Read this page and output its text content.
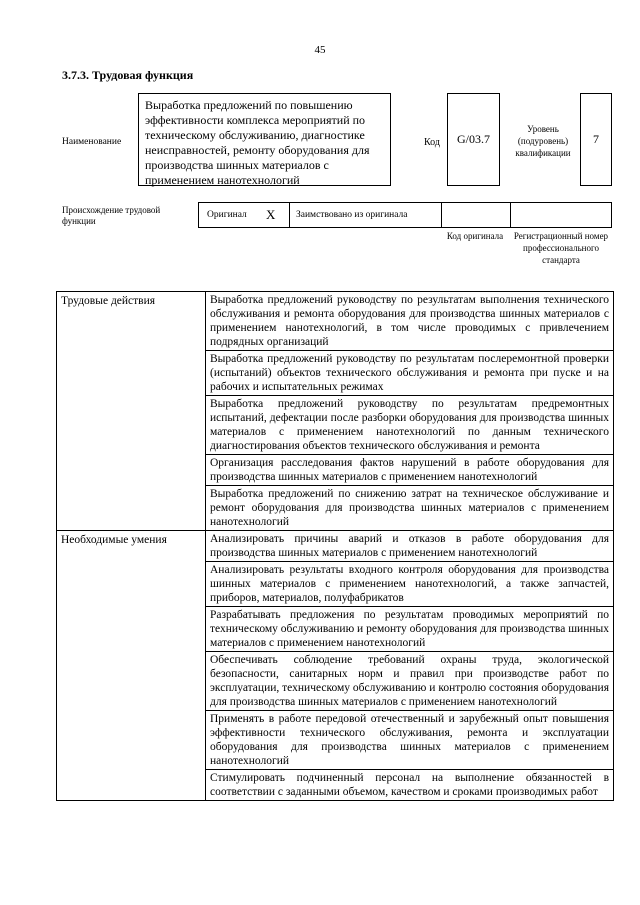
45
3.7.3. Трудовая функция
Наименование
Выработка предложений по повышению эффективности комплекса мероприятий по техническому обслуживанию, диагностике неисправностей, ремонту оборудования для производства шинных материалов с применением нанотехнологий
Код G/03.7
Уровень (подуровень) квалификации
7
Происхождение трудовой функции
Оригинал X Заимствовано из оригинала
Код оригинала	Регистрационный номер профессионального стандарта
Трудовые действия	Выработка предложений руководству по результатам выполнения технического обслуживания и ремонта оборудования для производства шинных материалов с применением нанотехнологий, в том числе проводимых с привлечением подрядных организаций
	Выработка предложений руководству по результатам послеремонтной проверки (испытаний) объектов технического обслуживания и ремонта при пуске и на рабочих и испытательных режимах
	Выработка предложений руководству по результатам предремонтных испытаний, дефектации после разборки оборудования для производства шинных материалов с применением нанотехнологий по данным технического диагностирования объектов технического обслуживания и ремонта
	Организация расследования фактов нарушений в работе оборудования для производства шинных материалов с применением нанотехнологий
	Выработка предложений по снижению затрат на техническое обслуживание и ремонт оборудования для производства шинных материалов с применением нанотехнологий
Необходимые умения	Анализировать причины аварий и отказов в работе оборудования для производства шинных материалов с применением нанотехнологий
	Анализировать результаты входного контроля оборудования для производства шинных материалов с применением нанотехнологий, а также запчастей, приборов, материалов, полуфабрикатов
	Разрабатывать предложения по результатам проводимых мероприятий по техническому обслуживанию и ремонту оборудования для производства шинных материалов с применением нанотехнологий
	Обеспечивать соблюдение требований охраны труда, экологической безопасности, санитарных норм и правил при производстве работ по эксплуатации, техническому обслуживанию и контролю состояния оборудования для производства шинных материалов с применением нанотехнологий
	Применять в работе передовой отечественный и зарубежный опыт повышения эффективности технического обслуживания, ремонта и эксплуатации оборудования для производства шинных материалов с применением нанотехнологий
	Стимулировать подчиненный персонал на выполнение обязанностей в соответствии с заданными объемом, качеством и сроками производимых работ
